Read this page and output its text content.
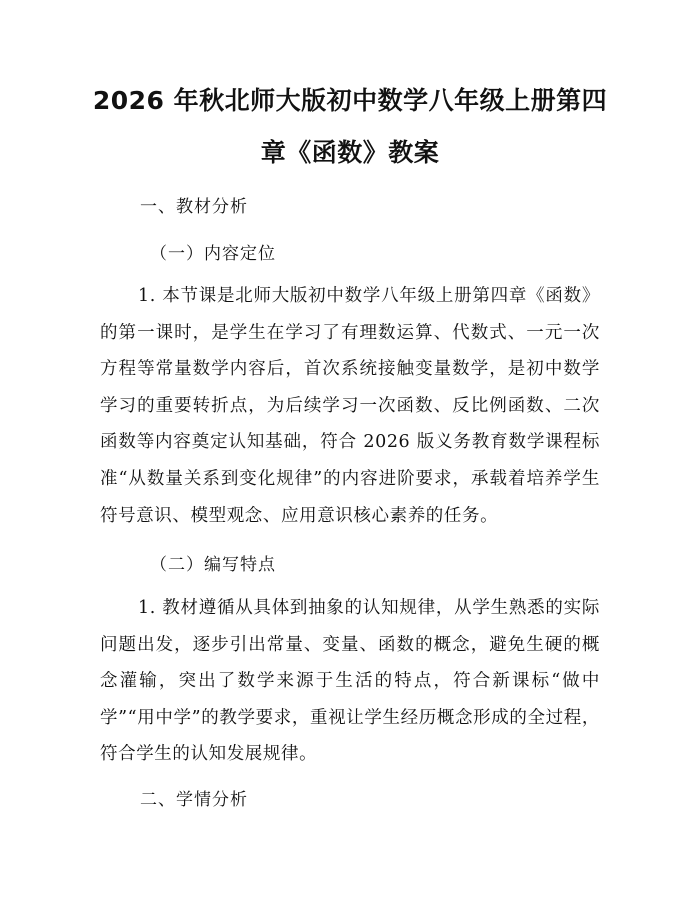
2026 年秋北师大版初中数学八年级上册第四
章《函数》教案
一、教材分析
（一）内容定位

1. 本节课是北师大版初中数学八年级上册第四章《函数》的第一课时，是学生在学习了有理数运算、代数式、一元一次方程等常量数学内容后，首次系统接触变量数学，是初中数学学习的重要转折点，为后续学习一次函数、反比例函数、二次函数等内容奠定认知基础，符合 2026 版义务教育数学课程标准“从数量关系到变化规律”的内容进阶要求，承载着培养学生符号意识、模型观念、应用意识核心素养的任务。

（二）编写特点

1. 教材遵循从具体到抽象的认知规律，从学生熟悉的实际问题出发，逐步引出常量、变量、函数的概念，避免生硬的概念灌输，突出了数学来源于生活的特点，符合新课标“做中学”“用中学”的教学要求，重视让学生经历概念形成的全过程，符合学生的认知发展规律。

二、学情分析
